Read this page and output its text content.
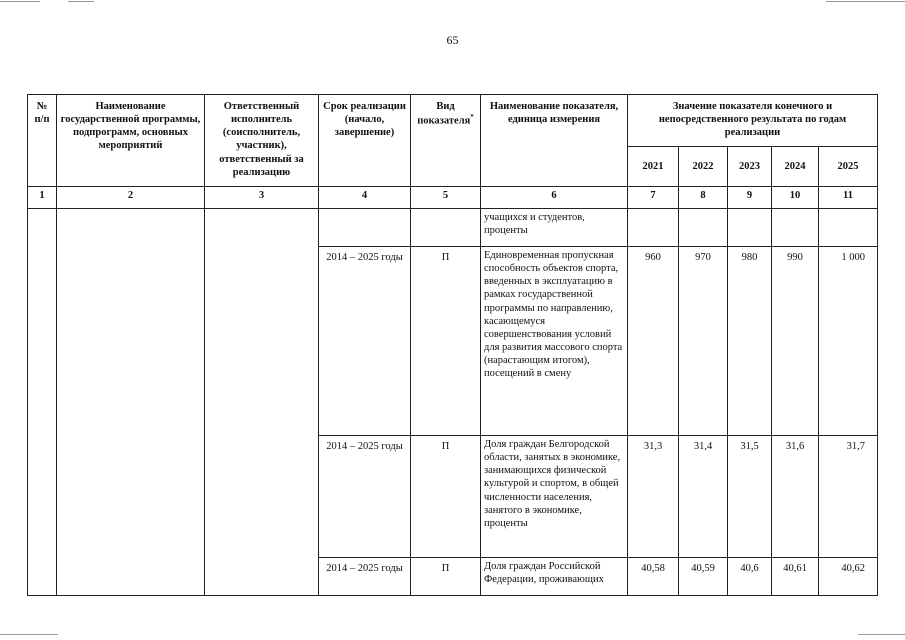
65
№ п/п	Наименование государственной программы, подпрограмм, основных мероприятий	Ответственный исполнитель (соисполнитель, участник), ответственный за реализацию	Срок реализации (начало, завершение)	Вид показателя*	Наименование показателя, единица измерения	Значение показателя конечного и непосредственного результата по годам реализации				
						2021	2022	2023	2024	2025
1	2	3	4	5	6	7	8	9	10	11
					учащихся и студентов, проценты					
			2014 – 2025 годы	П	Единовременная пропускная способность объектов спорта, введенных в эксплуатацию в рамках государственной программы по направлению, касающемуся совершенствования условий для развития массового спорта (нарастающим итогом), посещений в смену	960	970	980	990	1 000
			2014 – 2025 годы	П	Доля граждан Белгородской области, занятых в экономике, занимающихся физической культурой и спортом, в общей численности населения, занятого в экономике, проценты	31,3	31,4	31,5	31,6	31,7
			2014 – 2025 годы	П	Доля граждан Российской Федерации, проживающих	40,58	40,59	40,6	40,61	40,62
